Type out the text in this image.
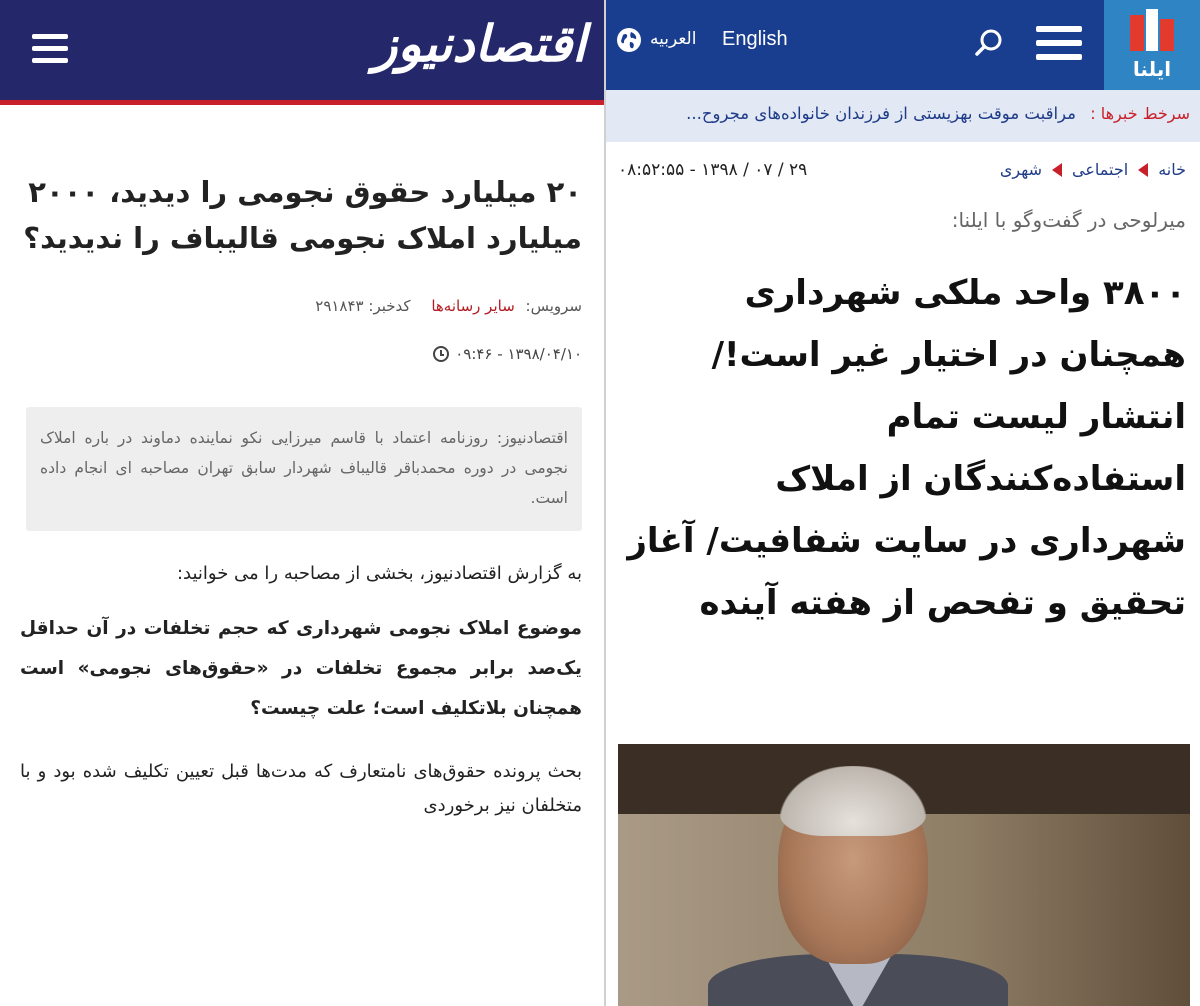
اقتصادنیوز
۲۰ میلیارد حقوق نجومی را دیدید، ۲۰۰۰ میلیارد املاک نجومی قالیباف را ندیدید؟
سرویس: سایر رسانه‌ها کدخبر: ۲۹۱۸۴۳
۱۳۹۸/۰۴/۱۰ - ۰۹:۴۶
اقتصادنیوز: روزنامه اعتماد با قاسم میرزایی نکو نماینده دماوند در باره املاک نجومی در دوره محمدباقر قالیباف شهردار سابق تهران مصاحبه ای انجام داده است.

به گزارش اقتصادنیوز، بخشی از مصاحبه را می خوانید:

موضوع املاک نجومی شهرداری که حجم تخلفات در آن حداقل یک‌صد برابر مجموع تخلفات در «حقوق‌های نجومی» است همچنان بلاتکلیف است؛ علت چیست؟

بحث پرونده حقوق‌های نامتعارف که مدت‌ها قبل تعیین تکلیف شده بود و با متخلفان نیز برخوردی

العربیه English
ایلنا
سرخط خبرها :
مراقبت موقت بهزیستی از فرزندان خانواده‌های مجروح...
خانه
اجتماعی
شهری
۰۸:۵۲:۵۵ - ۱۳۹۸ / ۰۷ / ۲۹
میرلوحی در گفت‌وگو با ایلنا:
۳۸۰۰ واحد ملکی شهرداری همچنان در اختیار غیر است!/ انتشار لیست تمام استفاده‌کنندگان از املاک شهرداری در سایت شفافیت/ آغاز تحقیق و تفحص از هفته آینده
